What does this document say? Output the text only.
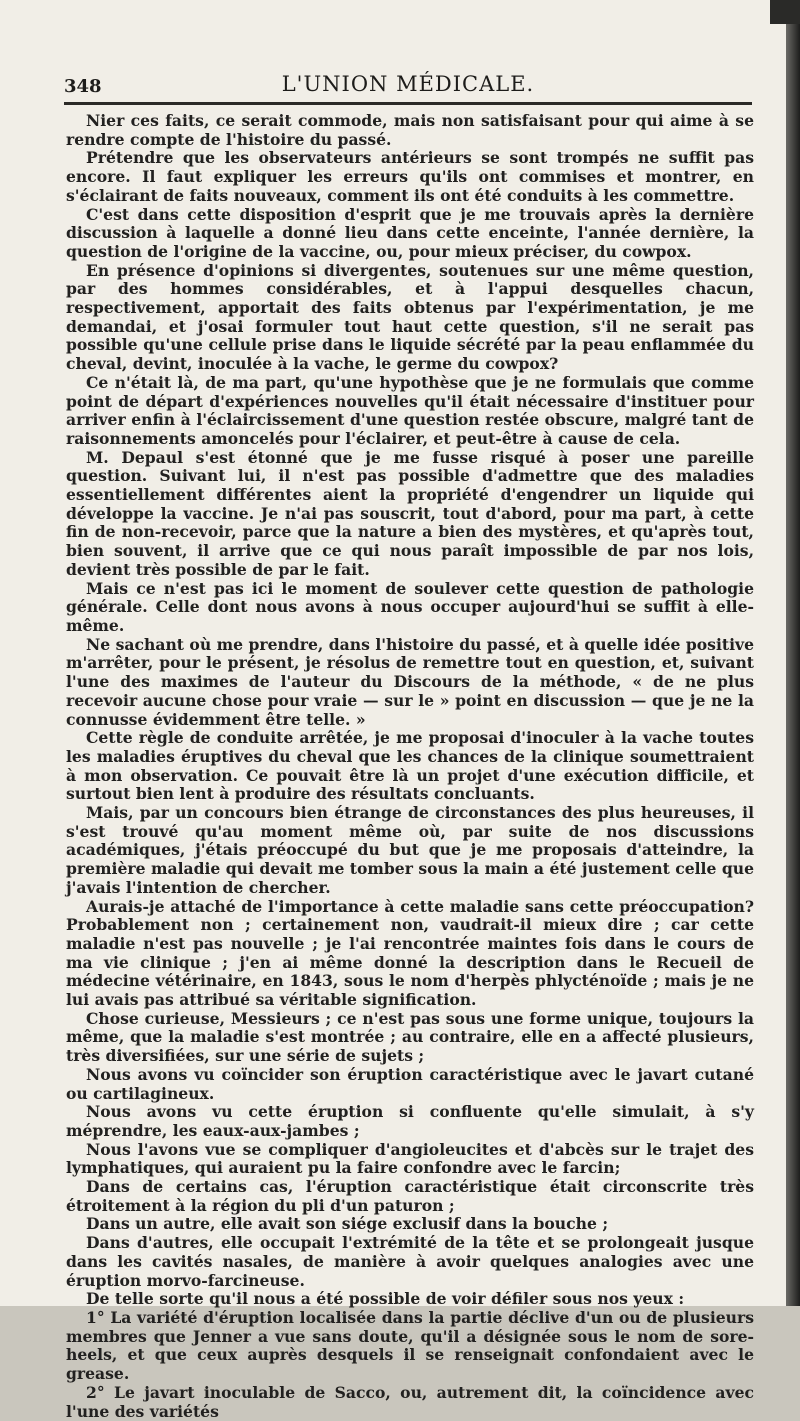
348	L'UNION MÉDICALE.

Nier ces faits, ce serait commode, mais non satisfaisant pour qui aime à se rendre compte de l'histoire du passé.

Prétendre que les observateurs antérieurs se sont trompés ne suffit pas encore. Il faut expliquer les erreurs qu'ils ont commises et montrer, en s'éclairant de faits nouveaux, comment ils ont été conduits à les commettre.

C'est dans cette disposition d'esprit que je me trouvais après la dernière discussion à laquelle a donné lieu dans cette enceinte, l'année dernière, la question de l'origine de la vaccine, ou, pour mieux préciser, du cowpox.

En présence d'opinions si divergentes, soutenues sur une même question, par des hommes considérables, et à l'appui desquelles chacun, respectivement, apportait des faits obtenus par l'expérimentation, je me demandai, et j'osai formuler tout haut cette question, s'il ne serait pas possible qu'une cellule prise dans le liquide sécrété par la peau enflammée du cheval, devint, inoculée à la vache, le germe du cowpox?

Ce n'était là, de ma part, qu'une hypothèse que je ne formulais que comme point de départ d'expériences nouvelles qu'il était nécessaire d'instituer pour arriver enfin à l'éclaircissement d'une question restée obscure, malgré tant de raisonnements amoncelés pour l'éclairer, et peut-être à cause de cela.

M. Depaul s'est étonné que je me fusse risqué à poser une pareille question. Suivant lui, il n'est pas possible d'admettre que des maladies essentiellement différentes aient la propriété d'engendrer un liquide qui développe la vaccine. Je n'ai pas souscrit, tout d'abord, pour ma part, à cette fin de non-recevoir, parce que la nature a bien des mystères, et qu'après tout, bien souvent, il arrive que ce qui nous paraît impossible de par nos lois, devient très possible de par le fait.

Mais ce n'est pas ici le moment de soulever cette question de pathologie générale. Celle dont nous avons à nous occuper aujourd'hui se suffit à elle-même.

Ne sachant où me prendre, dans l'histoire du passé, et à quelle idée positive m'arrêter, pour le présent, je résolus de remettre tout en question, et, suivant l'une des maximes de l'auteur du Discours de la méthode, « de ne plus recevoir aucune chose pour vraie — sur le » point en discussion — que je ne la connusse évidemment être telle. »

Cette règle de conduite arrêtée, je me proposai d'inoculer à la vache toutes les maladies éruptives du cheval que les chances de la clinique soumettraient à mon observation. Ce pouvait être là un projet d'une exécution difficile, et surtout bien lent à produire des résultats concluants.

Mais, par un concours bien étrange de circonstances des plus heureuses, il s'est trouvé qu'au moment même où, par suite de nos discussions académiques, j'étais préoccupé du but que je me proposais d'atteindre, la première maladie qui devait me tomber sous la main a été justement celle que j'avais l'intention de chercher.

Aurais-je attaché de l'importance à cette maladie sans cette préoccupation? Probablement non ; certainement non, vaudrait-il mieux dire ; car cette maladie n'est pas nouvelle ; je l'ai rencontrée maintes fois dans le cours de ma vie clinique ; j'en ai même donné la description dans le Recueil de médecine vétérinaire, en 1843, sous le nom d'herpès phlycténoïde ; mais je ne lui avais pas attribué sa véritable signification.

Chose curieuse, Messieurs ; ce n'est pas sous une forme unique, toujours la même, que la maladie s'est montrée ; au contraire, elle en a affecté plusieurs, très diversifiées, sur une série de sujets ;

Nous avons vu coïncider son éruption caractéristique avec le javart cutané ou cartilagineux.

Nous avons vu cette éruption si confluente qu'elle simulait, à s'y méprendre, les eaux-aux-jambes ;

Nous l'avons vue se compliquer d'angioleucites et d'abcès sur le trajet des lymphatiques, qui auraient pu la faire confondre avec le farcin;

Dans de certains cas, l'éruption caractéristique était circonscrite très étroitement à la région du pli d'un paturon ;

Dans un autre, elle avait son siége exclusif dans la bouche ;

Dans d'autres, elle occupait l'extrémité de la tête et se prolongeait jusque dans les cavités nasales, de manière à avoir quelques analogies avec une éruption morvo-farcineuse.

De telle sorte qu'il nous a été possible de voir défiler sous nos yeux :

1° La variété d'éruption localisée dans la partie déclive d'un ou de plusieurs membres que Jenner a vue sans doute, qu'il a désignée sous le nom de sore-heels, et que ceux auprès desquels il se renseignait confondaient avec le grease.

2° Le javart inoculable de Sacco, ou, autrement dit, la coïncidence avec l'une des variétés
